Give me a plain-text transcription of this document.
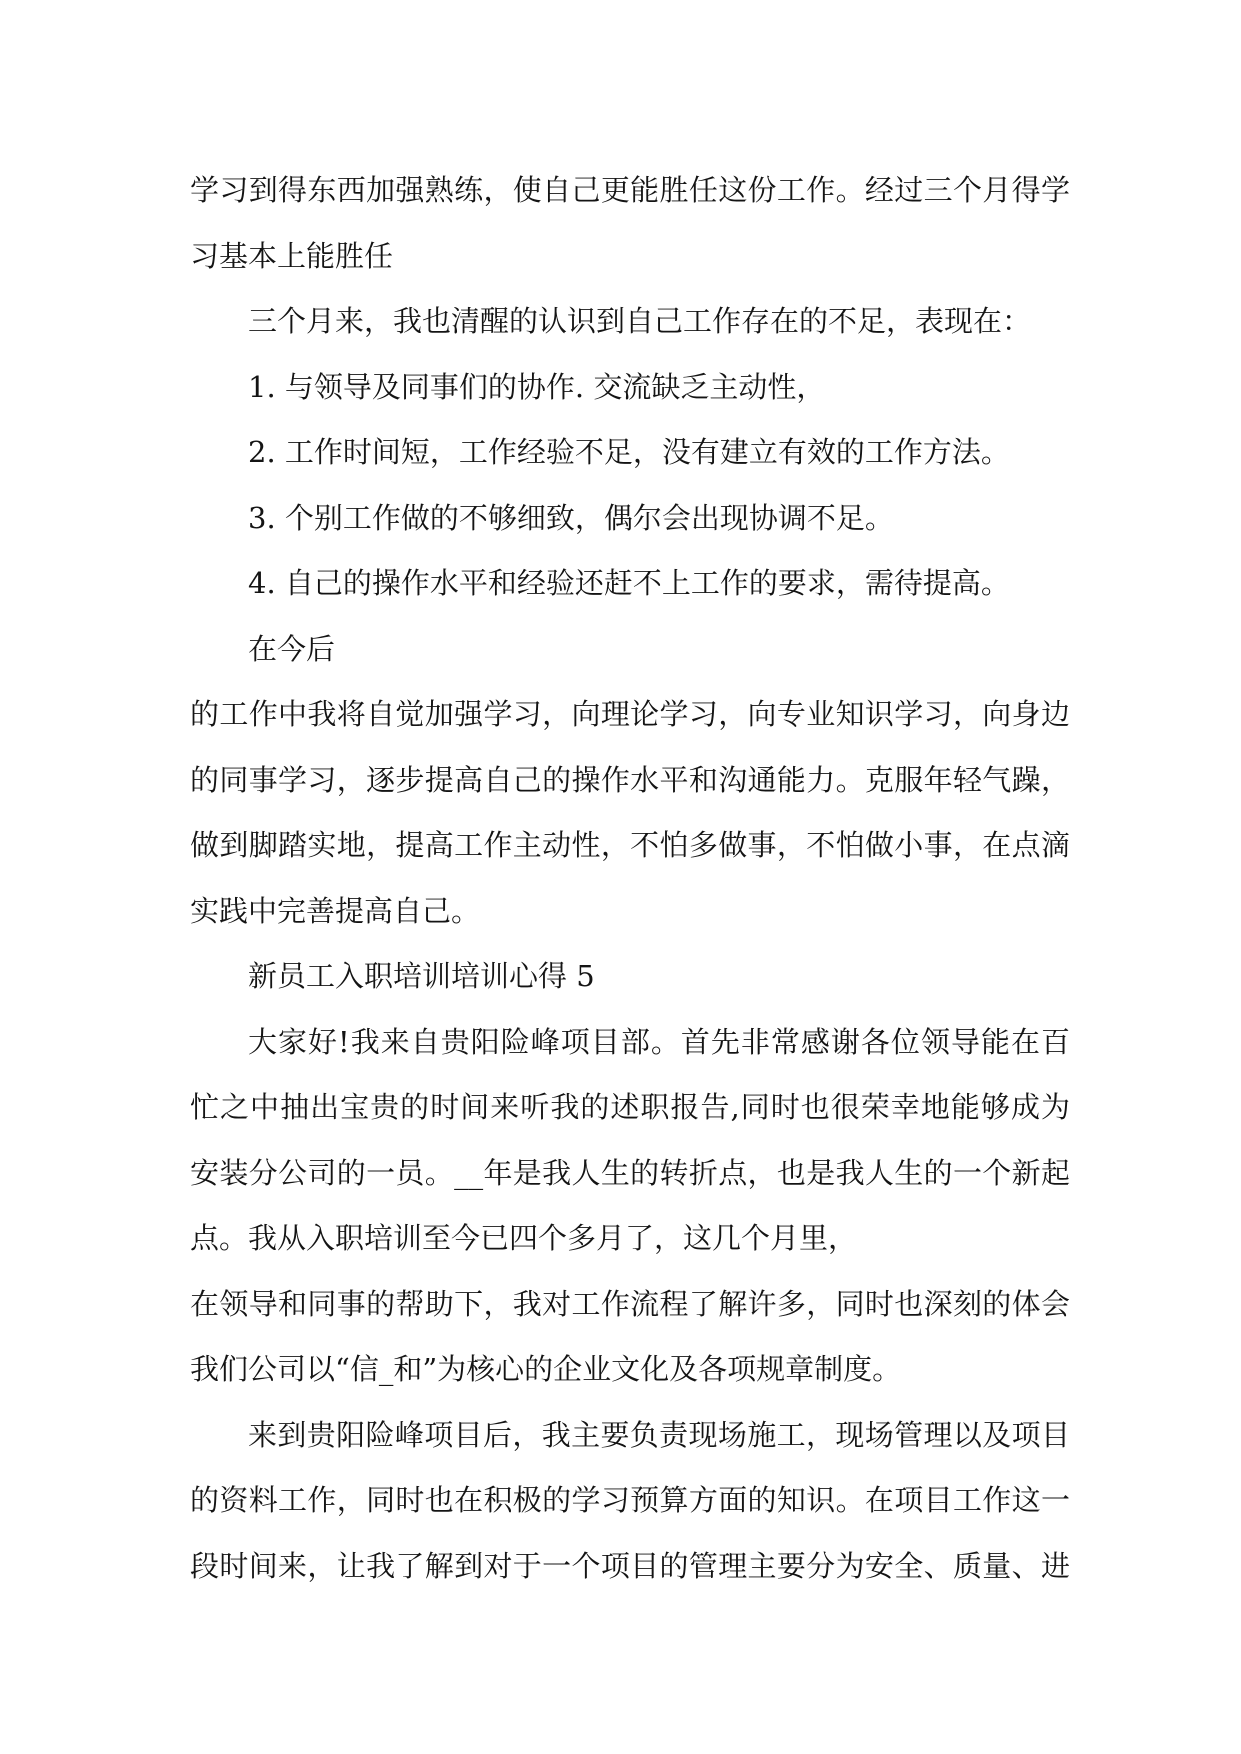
学习到得东西加强熟练，使自己更能胜任这份工作。经过三个月得学
习基本上能胜任
三个月来，我也清醒的认识到自己工作存在的不足，表现在：
1. 与领导及同事们的协作. 交流缺乏主动性，
2. 工作时间短，工作经验不足，没有建立有效的工作方法。
3. 个别工作做的不够细致，偶尔会出现协调不足。
4. 自己的操作水平和经验还赶不上工作的要求，需待提高。
在今后
的工作中我将自觉加强学习，向理论学习，向专业知识学习，向身边
的同事学习，逐步提高自己的操作水平和沟通能力。克服年轻气躁，
做到脚踏实地，提高工作主动性，不怕多做事，不怕做小事，在点滴
实践中完善提高自己。
新员工入职培训培训心得 5
大家好!我来自贵阳险峰项目部。首先非常感谢各位领导能在百
忙之中抽出宝贵的时间来听我的述职报告,同时也很荣幸地能够成为
安装分公司的一员。__年是我人生的转折点，也是我人生的一个新起
点。我从入职培训至今已四个多月了，这几个月里，
在领导和同事的帮助下，我对工作流程了解许多，同时也深刻的体会
我们公司以“信_和”为核心的企业文化及各项规章制度。
来到贵阳险峰项目后，我主要负责现场施工，现场管理以及项目
的资料工作，同时也在积极的学习预算方面的知识。在项目工作这一
段时间来，让我了解到对于一个项目的管理主要分为安全、质量、进
